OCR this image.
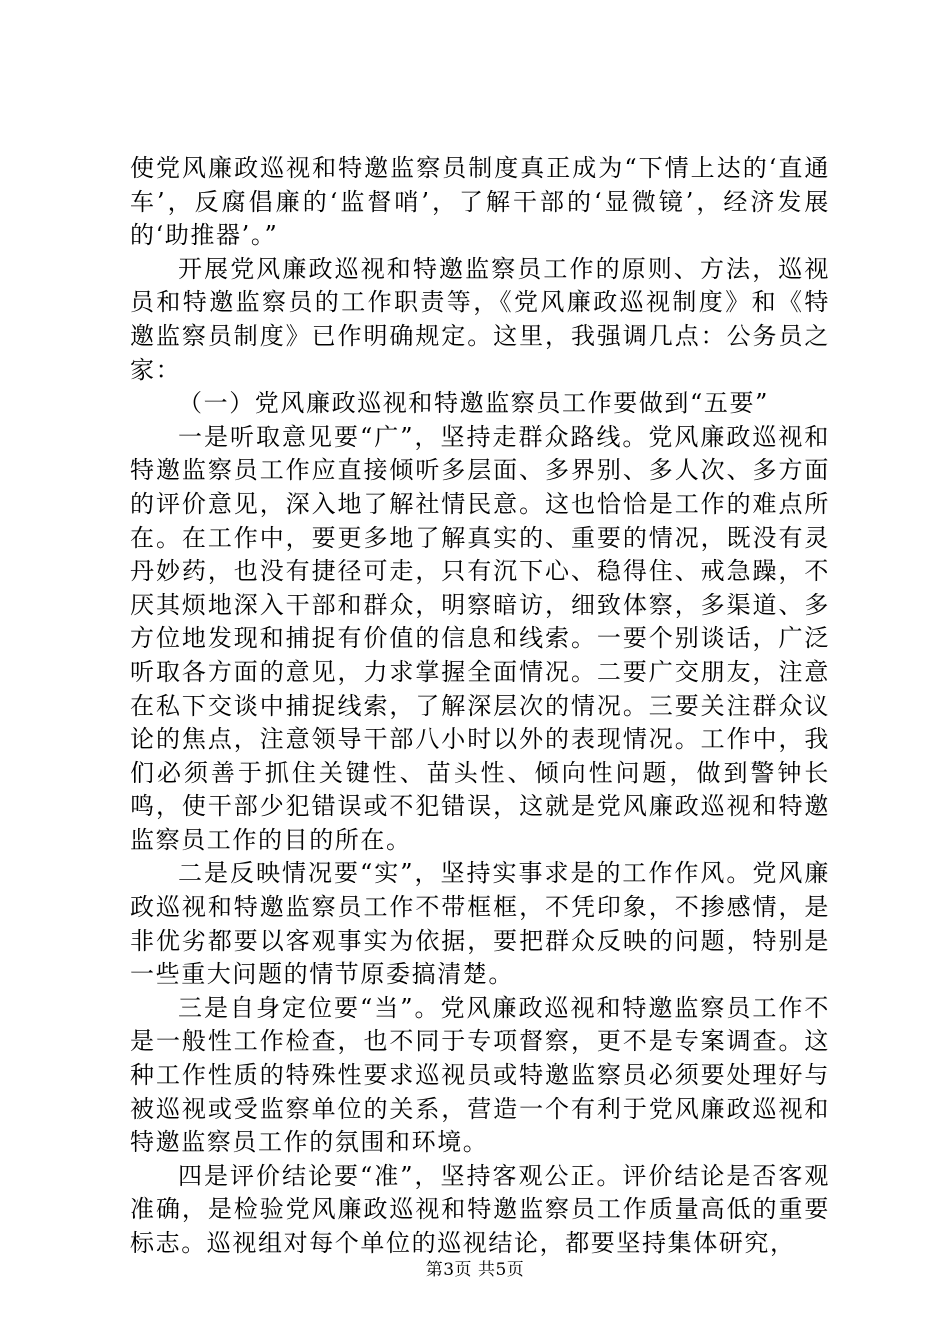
使党风廉政巡视和特邀监察员制度真正成为“下情上达的‘直通车’，反腐倡廉的‘监督哨’，了解干部的‘显微镜’，经济发展的‘助推器’。”

开展党风廉政巡视和特邀监察员工作的原则、方法，巡视员和特邀监察员的工作职责等，《党风廉政巡视制度》和《特邀监察员制度》已作明确规定。这里，我强调几点：公务员之家：

（一）党风廉政巡视和特邀监察员工作要做到“五要”

一是听取意见要“广”，坚持走群众路线。党风廉政巡视和特邀监察员工作应直接倾听多层面、多界别、多人次、多方面的评价意见，深入地了解社情民意。这也恰恰是工作的难点所在。在工作中，要更多地了解真实的、重要的情况，既没有灵丹妙药，也没有捷径可走，只有沉下心、稳得住、戒急躁，不厌其烦地深入干部和群众，明察暗访，细致体察，多渠道、多方位地发现和捕捉有价值的信息和线索。一要个别谈话，广泛听取各方面的意见，力求掌握全面情况。二要广交朋友，注意在私下交谈中捕捉线索，了解深层次的情况。三要关注群众议论的焦点，注意领导干部八小时以外的表现情况。工作中，我们必须善于抓住关键性、苗头性、倾向性问题，做到警钟长鸣，使干部少犯错误或不犯错误，这就是党风廉政巡视和特邀监察员工作的目的所在。

二是反映情况要“实”，坚持实事求是的工作作风。党风廉政巡视和特邀监察员工作不带框框，不凭印象，不掺感情，是非优劣都要以客观事实为依据，要把群众反映的问题，特别是一些重大问题的情节原委搞清楚。

三是自身定位要“当”。党风廉政巡视和特邀监察员工作不是一般性工作检查，也不同于专项督察，更不是专案调查。这种工作性质的特殊性要求巡视员或特邀监察员必须要处理好与被巡视或受监察单位的关系，营造一个有利于党风廉政巡视和特邀监察员工作的氛围和环境。

四是评价结论要“准”，坚持客观公正。评价结论是否客观准确，是检验党风廉政巡视和特邀监察员工作质量高低的重要标志。巡视组对每个单位的巡视结论，都要坚持集体研究，

第3页 共5页
